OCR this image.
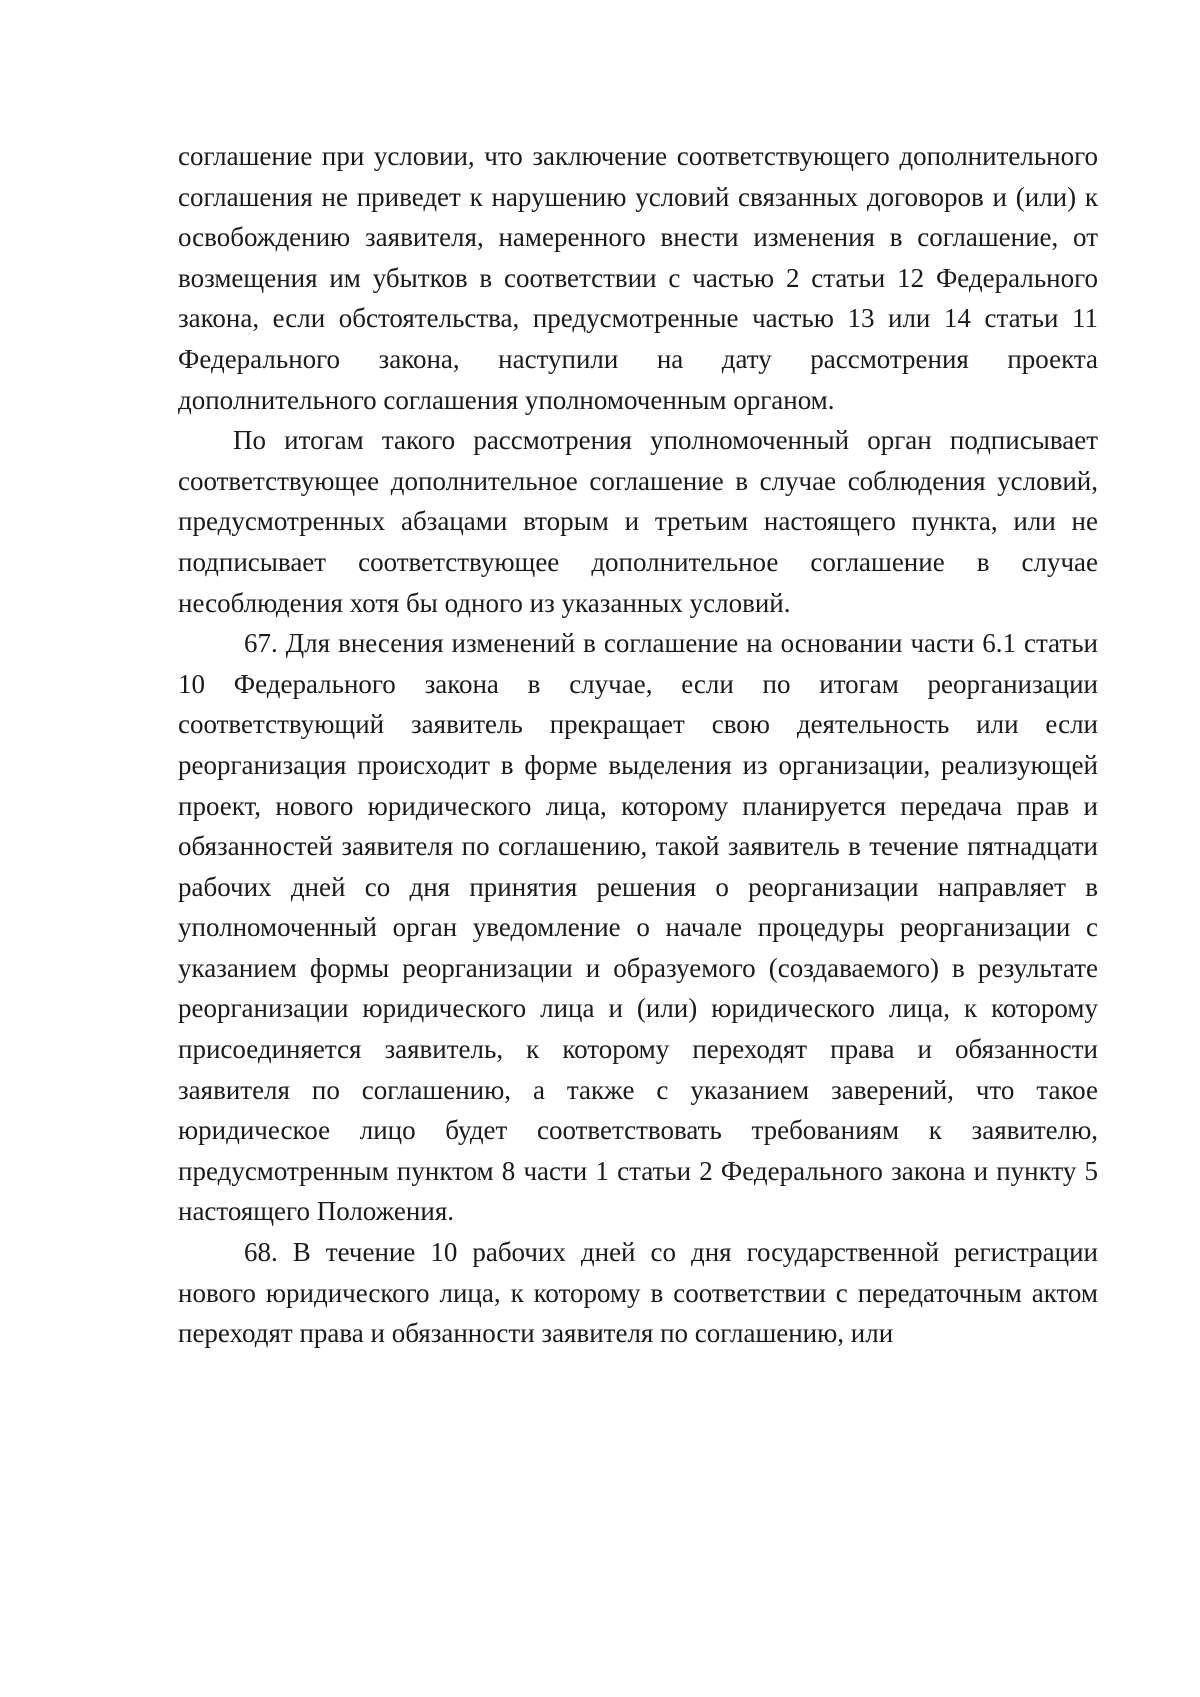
соглашение при условии, что заключение соответствующего дополнительного соглашения не приведет к нарушению условий связанных договоров и (или) к освобождению заявителя, намеренного внести изменения в соглашение, от возмещения им убытков в соответствии с частью 2 статьи 12 Федерального закона, если обстоятельства, предусмотренные частью 13 или 14 статьи 11 Федерального закона, наступили на дату рассмотрения проекта дополнительного соглашения уполномоченным органом.

По итогам такого рассмотрения уполномоченный орган подписывает соответствующее дополнительное соглашение в случае соблюдения условий, предусмотренных абзацами вторым и третьим настоящего пункта, или не подписывает соответствующее дополнительное соглашение в случае несоблюдения хотя бы одного из указанных условий.

67. Для внесения изменений в соглашение на основании части 6.1 статьи 10 Федерального закона в случае, если по итогам реорганизации соответствующий заявитель прекращает свою деятельность или если реорганизация происходит в форме выделения из организации, реализующей проект, нового юридического лица, которому планируется передача прав и обязанностей заявителя по соглашению, такой заявитель в течение пятнадцати рабочих дней со дня принятия решения о реорганизации направляет в уполномоченный орган уведомление о начале процедуры реорганизации с указанием формы реорганизации и образуемого (создаваемого) в результате реорганизации юридического лица и (или) юридического лица, к которому присоединяется заявитель, к которому переходят права и обязанности заявителя по соглашению, а также с указанием заверений, что такое юридическое лицо будет соответствовать требованиям к заявителю, предусмотренным пунктом 8 части 1 статьи 2 Федерального закона и пункту 5 настоящего Положения.

68. В течение 10 рабочих дней со дня государственной регистрации нового юридического лица, к которому в соответствии с передаточным актом переходят права и обязанности заявителя по соглашению, или
